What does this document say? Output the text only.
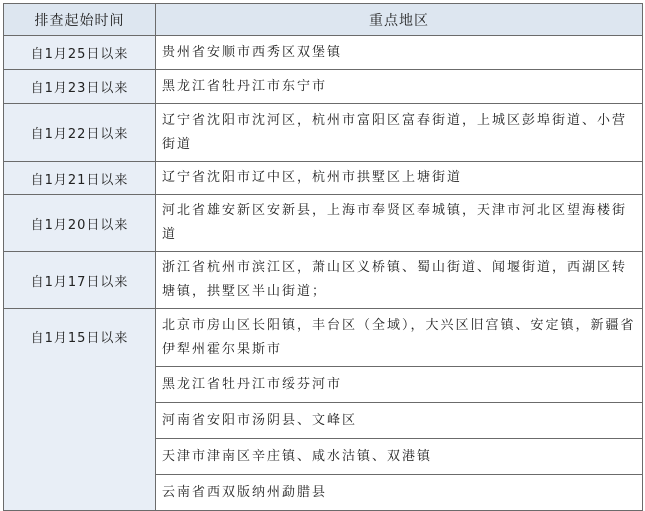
排查起始时间	重点地区
自1月25日以来	贵州省安顺市西秀区双堡镇
自1月23日以来	黑龙江省牡丹江市东宁市
自1月22日以来	辽宁省沈阳市沈河区，杭州市富阳区富春街道，上城区彭埠街道、小营街道
自1月21日以来	辽宁省沈阳市辽中区，杭州市拱墅区上塘街道
自1月20日以来	河北省雄安新区安新县，上海市奉贤区奉城镇，天津市河北区望海楼街道
自1月17日以来	浙江省杭州市滨江区，萧山区义桥镇、蜀山街道、闻堰街道，西湖区转塘镇，拱墅区半山街道；
自1月15日以来	北京市房山区长阳镇，丰台区（全域），大兴区旧宫镇、安定镇，新疆省伊犁州霍尔果斯市
	黑龙江省牡丹江市绥芬河市
	河南省安阳市汤阴县、文峰区
	天津市津南区辛庄镇、咸水沽镇、双港镇
	云南省西双版纳州勐腊县
